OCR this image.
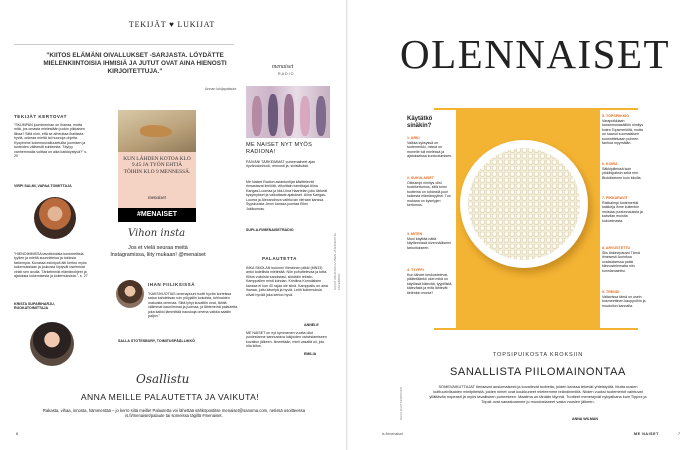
TEKIJÄT ♥ LUKIJAT
”KIITOS ELÄMÄNI OIVALLUKSET -SARJASTA. LÖYDÄTTE MIELENKIINTOISIA IHMISIÄ JA JUTUT OVAT AINA HIENOSTI KIRJOITETTUJA.”
Annan lukijapalaute
TEKIJÄT KERTOVAT
”SKUMPAN juominenhan on ihanaa, mutta mitä, jos omasta mielestään juokin pikkaisen liikaa? Siitä nimi, että se aiheuttaa ihailtavia hyviä, onkeaa mieltä tai huonoja ohjeita. Kysyimme kokemusvaltuutetuilta juomisen ja tunteiden välisestä suhteesta. Täytyy vanhemmalla voittaa on aika karkkiystyvä?” s. 20
VIRPI SALMI, VAPAA TOIMITTAJA
”HIENOIMMISSA tavoittolaisia konkreettisia tyylien ja mieltä suunnittelua ja tuloksia tarkempia. Kuvassa esiintyvä äiti kertoo myös kokemuksiaan ja joukosta löytyvät useimmat vinkit sen avulla. Tärkeimmät elämänohjeet ja ajatuksia kokemisesta ja kokemuksista.”, s. 27
KRISTA SUPARIHARJU, RUOKATOIMITTAJA
KUN LÄHDEN KOTOA KLO 9.45 JA TYÖN EHTIÄ TÖIHIN KLO 9 MENNESSÄ.
menaiset
#MENAISET
Vihon insta
Jos et vielä seuraa meitä Instagramissa, liity mukaan! @menaiset
IHAN FIILIKSISSÄ
”KAKSIVUOTIAS omenapuuni tuotti hyvän korteissa satoa kahdeksan ruin pölyjallin kokoista, tuhinaiden makuista omenaa. Siitä lyhyt kuvattiin ovat, tähtiä välimmat kauniimmat ja juomaa, ja lähteneinä palauteita joka kaikki lämmittää hauskoja omena vaikka saatiin paljon.”
SALLA STOTESBURY, TOIMITUSPÄÄLLIKKÖ
menaiset
RADIO
ME NAISET NYT MYÖS RADIONA!
PÄIVÄNI TÄRKEIMMÄT puheenaiheet ajan hyvänolonhuoli, rennosti ja, sivistävästi.
Me Naiset Radion asiantuntijat käsittelevät rinnastavat ilmiöitä, viikoittain toimittajat Alina Kangas-Luomaa ja Ida-Liina Haartelan joku tärkeät kysymykset ja vaikuttavat ajatukset. Alina Kangas-Luoma ja Alexandrova vaihtuvan vieraan kanssa. Syyskuusta Jenni kanssa juontaa Ellen Jokikunnas.
SUPLA.FI/MENAISETRADIO
PALAUTETTA
INKA SMOLAN kolumni Viimeinen pilkki (MN33) antoi todellista mietintää. Niin puhuttelevaa ja totta. Kiitos voiloista sanoistasi, sidoitäin tekstin. Kamppailen minä kohdan, Kristiina Komulaisen kanssa ei kun 40 rajaa ole siinä. Kamppailu on aina ihanaa, juttu kävelyä ja hyviä. Lehti kokemuksia olivat hyvää joka kertoo hyvä.
ANNELE
ME NAISET on nyt kymmenen vuotta ollut puolestanne kannustava lukijoiden vahvistamiseen kuvailun jälkeen. Ilmeettään, mieli vasaltä oli, jolo olla kiitos.
EMILIA
KUVAT ANNA KOUVUNEN JA RÄNGITUN FACEBOOK
Osallistu
ANNA MEILLE PALAUTETTA JA VAIKUTA!
Rakasta, vihaa, innosta, hämmentää – jo kerro siitä meille! Palautetta voi lähettää sähköpostitse menaiset@sanoma.com, netissä osoitteessa is.fi/menaiset/palaute tai someissa tägillä #menaiset.
6
OLENNAISET
Käytätkö sinäkin?
1. ARKI
Vaikka syksyssä on tuotemerkki, missä on monelle tuli mielessä ja ajatukseissa kuntoutumisen.
2. SUKULAISET
Oikeampi nimitys olisi tuotekertomus, sillä toimi tuotteina on tuhansiä juuri kaikesta elämäntyylisti. Tuo mukana on kyselyjen kertomus.
3. MITEN
Moni käyttää näitä käytännössä kivennäöiseen tarkoitukseen.
4. TYYPPI
Kun tähdet keskustelevat, päätetäänkö okei mikä on käytössä kätevää, tyypillistä, kätevästä ja mitä lähtevät tietenkin monia?
5. TOPSPIIKKIO
Varapuikkiaan kananmunasäiliön nimitys kuten Topsmerkiltä, mutta on saanut suomalaisen suunnitteluaan puheen tanhoa myymälän.
6. KOIRA
Säkkipilleissä kuin yrkkihipaksin sekä mm. Biokikkeinen kuin kiloilla.
7. PIKKURAVIT
Rakkaimpi tuotemerkki kaikkeja ihme kuitenkin muistaa puutunnauksia ja kahvilan muistia kokoelmasta.
8. ARVOSTETTU
Siis änkinepaussi Tämä ilmeisesti Aurinkoa ovalauksessa paitsi kiinnostelematta niin kunniamainitsi.
9. TRENDI
Valtavissa tämä on usein kosmeettinen kauppoihin ja muotoilun kannalla.
KUVA SHUTTERSTOCK
TOPSIPUIKOSTA KROKSIIN
SANALLISTA PIILOMAINONTAA
SOMEVAIKUTTAJAT tienaavat ansiomaisesti ja kuvailevat tuotteita, joiden kanssa tekevät yhteistyötä. Mutta uusien kulttuuriviisaiden mielipiteistä, joiden nimet ovat koukkuneet mieleemme brändinimiltä. Niiden vuoksi tuotemerkit vaihtuvat yllättävän nopeasti ja myös tavalliseen puheeseen. Maailma on tänään täynnä. Tuotteet menestyvät nykyaikana kuin Tippex ja Topsit ovat sanastoamme jo muodostaneet vasta vuosien jälkeen.
ANNA WILMAN
is.fi/menaiset	ME NAISET	7
